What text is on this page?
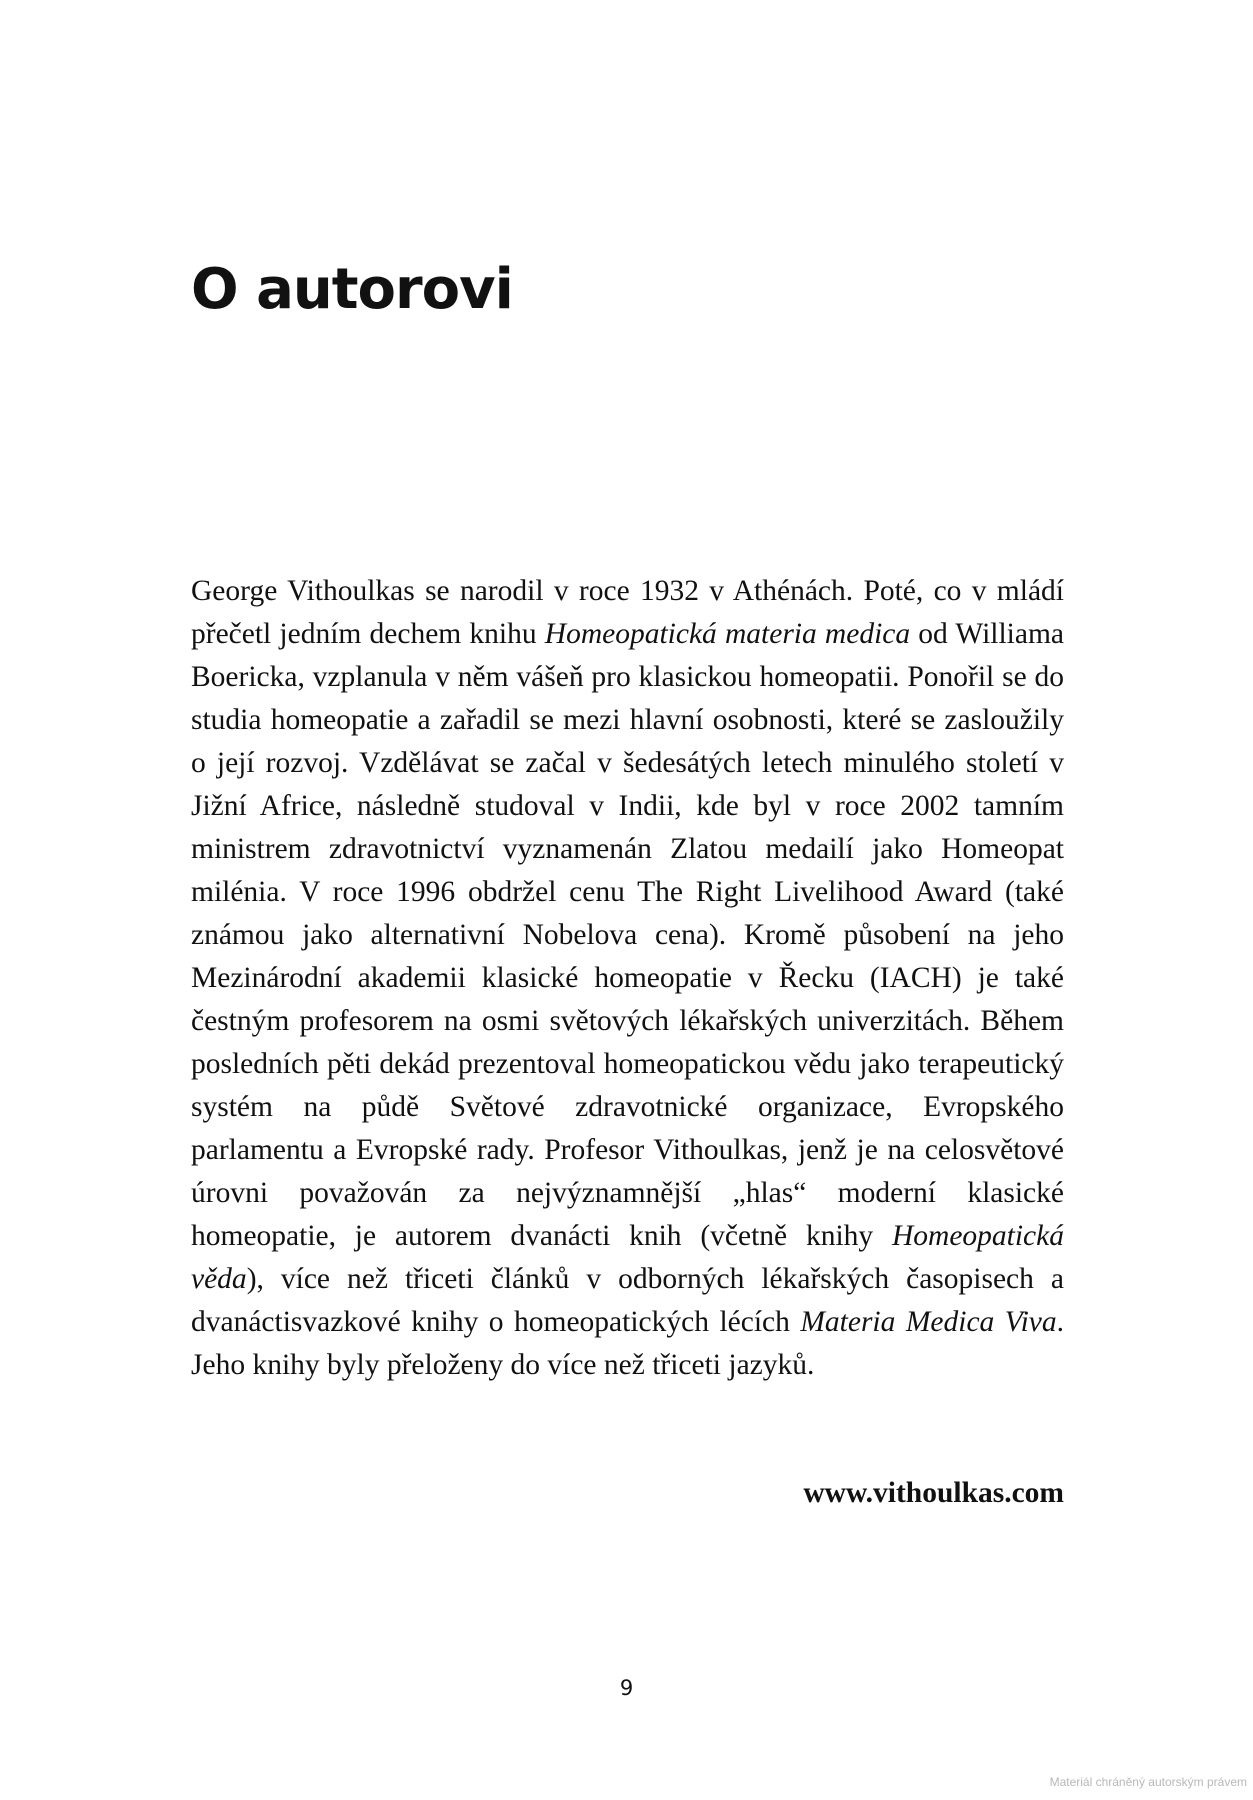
O autorovi

George Vithoulkas se narodil v roce 1932 v Athénách. Poté, co v mládí přečetl jedním dechem knihu Homeopatická materia medica od Williama Boericka, vzplanula v něm vášeň pro klasickou homeopatii. Ponořil se do studia homeopatie a zařadil se mezi hlavní osobnosti, které se zasloužily o její rozvoj. Vzdělávat se začal v šedesátých letech minulého století v Jižní Africe, následně studoval v Indii, kde byl v roce 2002 tamním ministrem zdravotnictví vyznamenán Zlatou medailí jako Homeopat milénia. V roce 1996 obdržel cenu The Right Livelihood Award (také známou jako alternativní Nobelova cena). Kromě působení na jeho Mezinárodní akademii klasické homeopatie v Řecku (IACH) je také čestným profesorem na osmi světových lékařských univerzitách. Během posledních pěti dekád prezentoval homeopatickou vědu jako terapeutický systém na půdě Světové zdravotnické organizace, Evropského parlamentu a Evropské rady. Profesor Vithoulkas, jenž je na celosvětové úrovni považován za nejvýznamnější „hlas“ moderní klasické homeopatie, je autorem dvanácti knih (včetně knihy Homeopatická věda), více než třiceti článků v odborných lékařských časopisech a dvanáctisvazkové knihy o homeopatických lécích Materia Medica Viva. Jeho knihy byly přeloženy do více než třiceti jazyků.

www.vithoulkas.com

9
Materiál chráněný autorským právem
